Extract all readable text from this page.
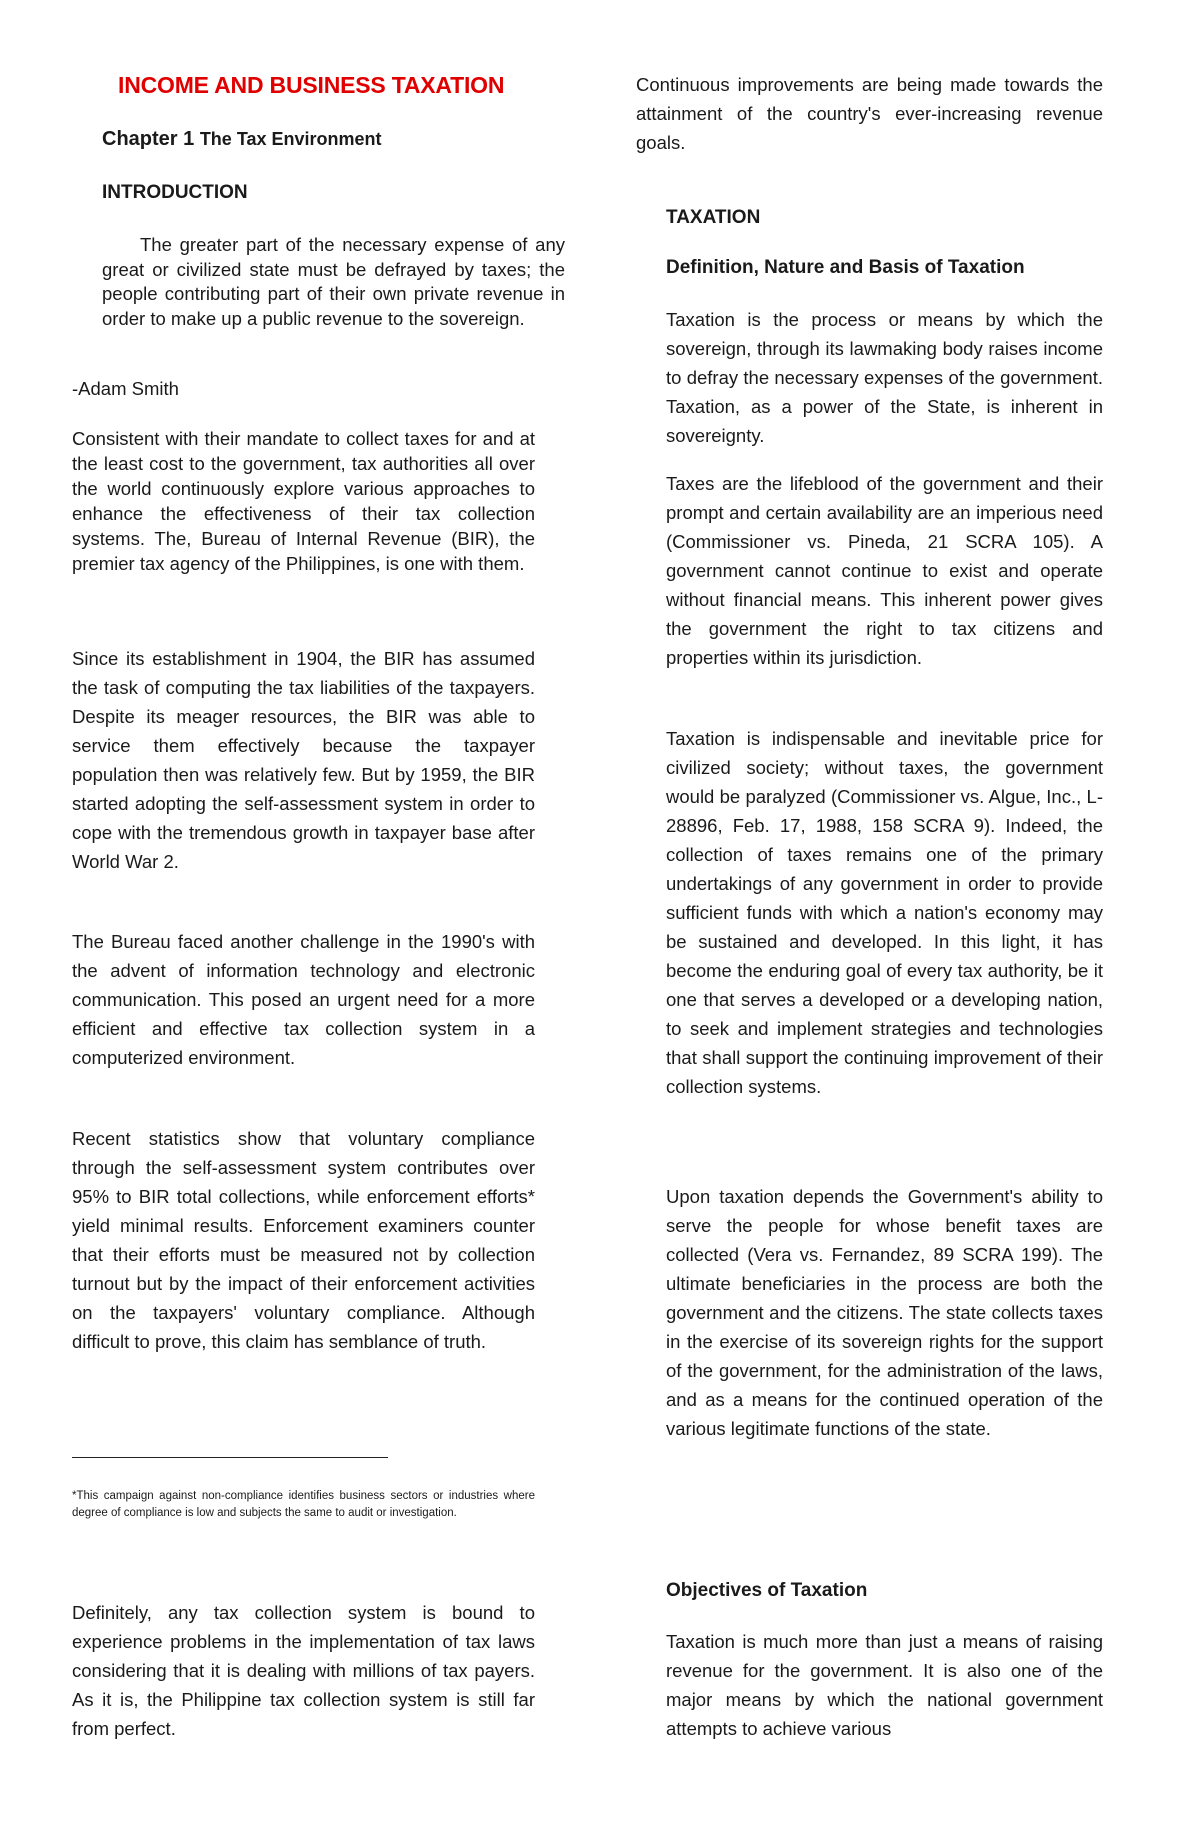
INCOME AND BUSINESS TAXATION
Chapter 1 The Tax Environment
INTRODUCTION
The greater part of the necessary expense of any great or civilized state must be defrayed by taxes; the people contributing part of their own private revenue in order to make up a public revenue to the sovereign.
-Adam Smith

Consistent with their mandate to collect taxes for and at the least cost to the government, tax authorities all over the world continuously explore various approaches to enhance the effectiveness of their tax collection systems. The, Bureau of Internal Revenue (BIR), the premier tax agency of the Philippines, is one with them.

Since its establishment in 1904, the BIR has assumed the task of computing the tax liabilities of the taxpayers. Despite its meager resources, the BIR was able to service them effectively because the taxpayer population then was relatively few. But by 1959, the BIR started adopting the self-assessment system in order to cope with the tremendous growth in taxpayer base after World War 2.

The Bureau faced another challenge in the 1990's with the advent of information technology and electronic communication. This posed an urgent need for a more efficient and effective tax collection system in a computerized environment.

Recent statistics show that voluntary compliance through the self-assessment system contributes over 95% to BIR total collections, while enforcement efforts* yield minimal results. Enforcement examiners counter that their efforts must be measured not by collection turnout but by the impact of their enforcement activities on the taxpayers' voluntary compliance. Although difficult to prove, this claim has semblance of truth.

*This campaign against non-compliance identifies business sectors or industries where degree of compliance is low and subjects the same to audit or investigation.

Definitely, any tax collection system is bound to experience problems in the implementation of tax laws considering that it is dealing with millions of tax payers. As it is, the Philippine tax collection system is still far from perfect.

Continuous improvements are being made towards the attainment of the country's ever-increasing revenue goals.

TAXATION
Definition, Nature and Basis of Taxation

Taxation is the process or means by which the sovereign, through its lawmaking body raises income to defray the necessary expenses of the government. Taxation, as a power of the State, is inherent in sovereignty.

Taxes are the lifeblood of the government and their prompt and certain availability are an imperious need (Commissioner vs. Pineda, 21 SCRA 105). A government cannot continue to exist and operate without financial means. This inherent power gives the government the right to tax citizens and properties within its jurisdiction.

Taxation is indispensable and inevitable price for civilized society; without taxes, the government would be paralyzed (Commissioner vs. Algue, Inc., L-28896, Feb. 17, 1988, 158 SCRA 9). Indeed, the collection of taxes remains one of the primary undertakings of any government in order to provide sufficient funds with which a nation's economy may be sustained and developed. In this light, it has become the enduring goal of every tax authority, be it one that serves a developed or a developing nation, to seek and implement strategies and technologies that shall support the continuing improvement of their collection systems.

Upon taxation depends the Government's ability to serve the people for whose benefit taxes are collected (Vera vs. Fernandez, 89 SCRA 199). The ultimate beneficiaries in the process are both the government and the citizens. The state collects taxes in the exercise of its sovereign rights for the support of the government, for the administration of the laws, and as a means for the continued operation of the various legitimate functions of the state.

Objectives of Taxation

Taxation is much more than just a means of raising revenue for the government. It is also one of the major means by which the national government attempts to achieve various
